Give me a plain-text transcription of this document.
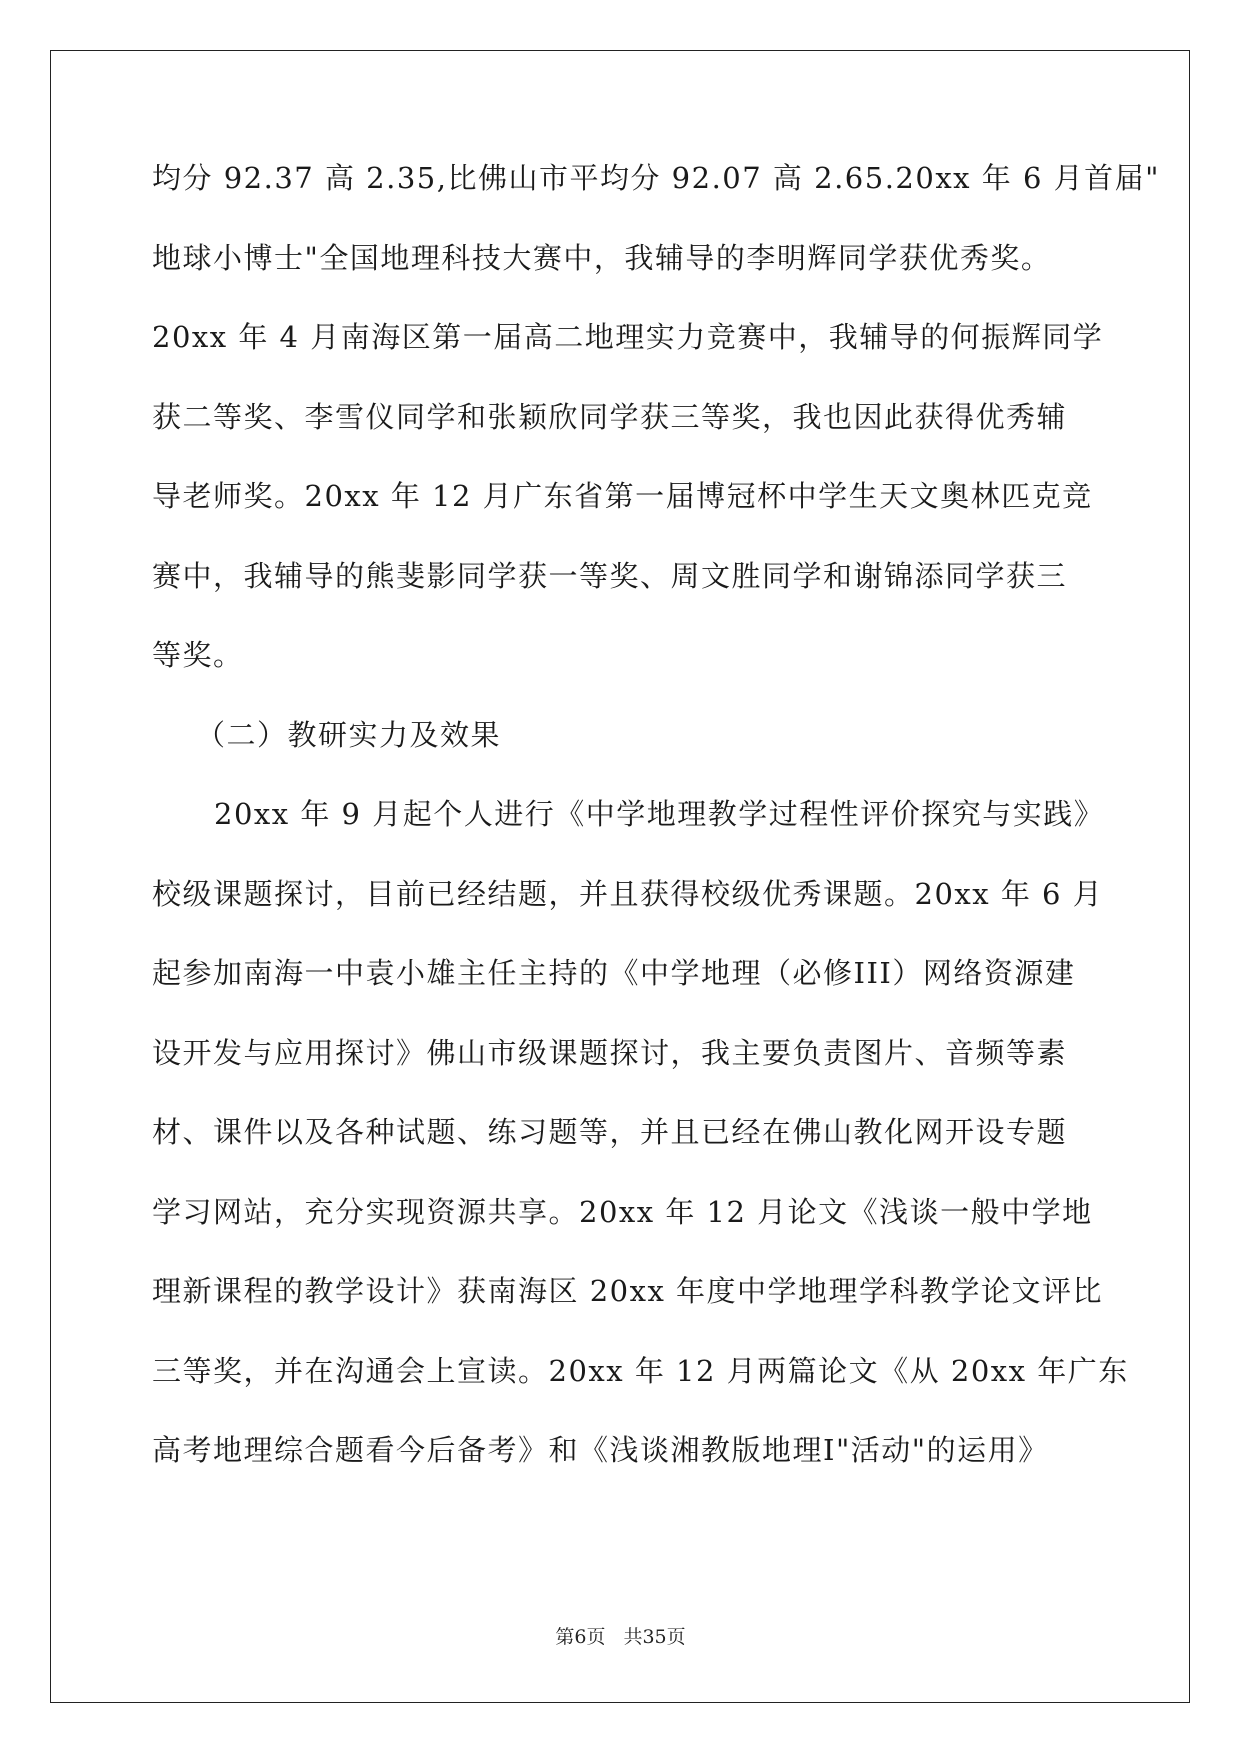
均分 92.37 高 2.35,比佛山市平均分 92.07 高 2.65.20xx 年 6 月首届"
地球小博士"全国地理科技大赛中，我辅导的李明辉同学获优秀奖。
20xx 年 4 月南海区第一届高二地理实力竞赛中，我辅导的何振辉同学
获二等奖、李雪仪同学和张颖欣同学获三等奖，我也因此获得优秀辅
导老师奖。20xx 年 12 月广东省第一届博冠杯中学生天文奥林匹克竞
赛中，我辅导的熊斐影同学获一等奖、周文胜同学和谢锦添同学获三
等奖。
（二）教研实力及效果
20xx 年 9 月起个人进行《中学地理教学过程性评价探究与实践》
校级课题探讨，目前已经结题，并且获得校级优秀课题。20xx 年 6 月
起参加南海一中袁小雄主任主持的《中学地理（必修III）网络资源建
设开发与应用探讨》佛山市级课题探讨，我主要负责图片、音频等素
材、课件以及各种试题、练习题等，并且已经在佛山教化网开设专题
学习网站，充分实现资源共享。20xx 年 12 月论文《浅谈一般中学地
理新课程的教学设计》获南海区 20xx 年度中学地理学科教学论文评比
三等奖，并在沟通会上宣读。20xx 年 12 月两篇论文《从 20xx 年广东
高考地理综合题看今后备考》和《浅谈湘教版地理Ⅰ"活动"的运用》
第6页 共35页
